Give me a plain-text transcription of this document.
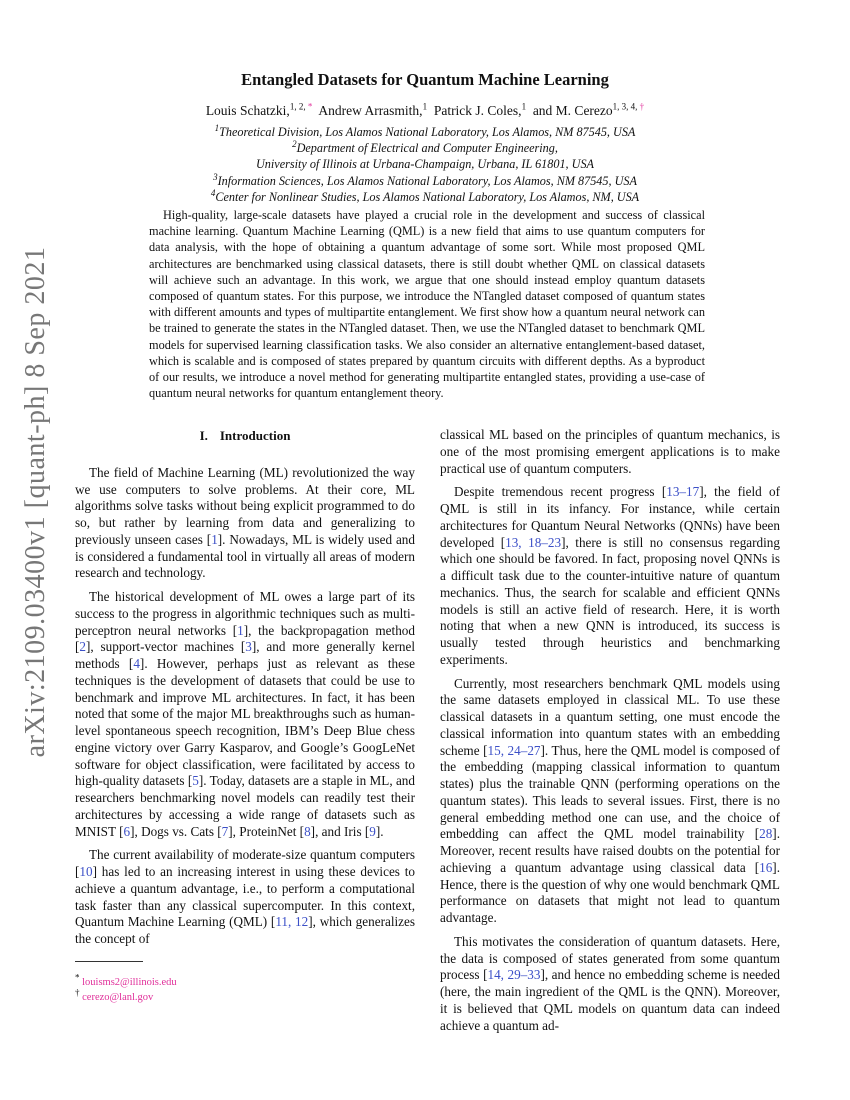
arXiv:2109.03400v1 [quant-ph] 8 Sep 2021
Entangled Datasets for Quantum Machine Learning
Louis Schatzki,$^{1, 2, *}$ Andrew Arrasmith,$^1$ Patrick J. Coles,$^1$ and M. Cerezo$^{1, 3, 4, \dagger}$
$^1$Theoretical Division, Los Alamos National Laboratory, Los Alamos, NM 87545, USA
$^2$Department of Electrical and Computer Engineering,
University of Illinois at Urbana-Champaign, Urbana, IL 61801, USA
$^3$Information Sciences, Los Alamos National Laboratory, Los Alamos, NM 87545, USA
$^4$Center for Nonlinear Studies, Los Alamos National Laboratory, Los Alamos, NM, USA
High-quality, large-scale datasets have played a crucial role in the development and success of classical machine learning. Quantum Machine Learning (QML) is a new field that aims to use quantum computers for data analysis, with the hope of obtaining a quantum advantage of some sort. While most proposed QML architectures are benchmarked using classical datasets, there is still doubt whether QML on classical datasets will achieve such an advantage. In this work, we argue that one should instead employ quantum datasets composed of quantum states. For this purpose, we introduce the NTangled dataset composed of quantum states with different amounts and types of multipartite entanglement. We first show how a quantum neural network can be trained to generate the states in the NTangled dataset. Then, we use the NTangled dataset to benchmark QML models for supervised learning classification tasks. We also consider an alternative entanglement-based dataset, which is scalable and is composed of states prepared by quantum circuits with different depths. As a byproduct of our results, we introduce a novel method for generating multipartite entangled states, providing a use-case of quantum neural networks for quantum entanglement theory.
I. Introduction

The field of Machine Learning (ML) revolutionized the way we use computers to solve problems. At their core, ML algorithms solve tasks without being explicit programmed to do so, but rather by learning from data and generalizing to previously unseen cases [1]. Nowadays, ML is widely used and is considered a fundamental tool in virtually all areas of modern research and technology.

The historical development of ML owes a large part of its success to the progress in algorithmic techniques such as multi-perceptron neural networks [1], the backpropagation method [2], support-vector machines [3], and more generally kernel methods [4]. However, perhaps just as relevant as these techniques is the development of datasets that could be use to benchmark and improve ML architectures. In fact, it has been noted that some of the major ML breakthroughs such as human-level spontaneous speech recognition, IBM’s Deep Blue chess engine victory over Garry Kasparov, and Google’s GoogLeNet software for object classification, were facilitated by access to high-quality datasets [5]. Today, datasets are a staple in ML, and researchers benchmarking novel models can readily test their architectures by accessing a wide range of datasets such as MNIST [6], Dogs vs. Cats [7], ProteinNet [8], and Iris [9].

The current availability of moderate-size quantum computers [10] has led to an increasing interest in using these devices to achieve a quantum advantage, i.e., to perform a computational task faster than any classical supercomputer. In this context, Quantum Machine Learning (QML) [11, 12], which generalizes the concept of

classical ML based on the principles of quantum mechanics, is one of the most promising emergent applications is to make practical use of quantum computers.

Despite tremendous recent progress [13–17], the field of QML is still in its infancy. For instance, while certain architectures for Quantum Neural Networks (QNNs) have been developed [13, 18–23], there is still no consensus regarding which one should be favored. In fact, proposing novel QNNs is a difficult task due to the counter-intuitive nature of quantum mechanics. Thus, the search for scalable and efficient QNNs models is still an active field of research. Here, it is worth noting that when a new QNN is introduced, its success is usually tested through heuristics and benchmarking experiments.

Currently, most researchers benchmark QML models using the same datasets employed in classical ML. To use these classical datasets in a quantum setting, one must encode the classical information into quantum states with an embedding scheme [15, 24–27]. Thus, here the QML model is composed of the embedding (mapping classical information to quantum states) plus the trainable QNN (performing operations on the quantum states). This leads to several issues. First, there is no general embedding method one can use, and the choice of embedding can affect the QML model trainability [28]. Moreover, recent results have raised doubts on the potential for achieving a quantum advantage using classical data [16]. Hence, there is the question of why one would benchmark QML performance on datasets that might not lead to quantum advantage.

This motivates the consideration of quantum datasets. Here, the data is composed of states generated from some quantum process [14, 29–33], and hence no embedding scheme is needed (here, the main ingredient of the QML is the QNN). Moreover, it is believed that QML models on quantum data can indeed achieve a quantum ad-

* louisms2@illinois.edu
† cerezo@lanl.gov
